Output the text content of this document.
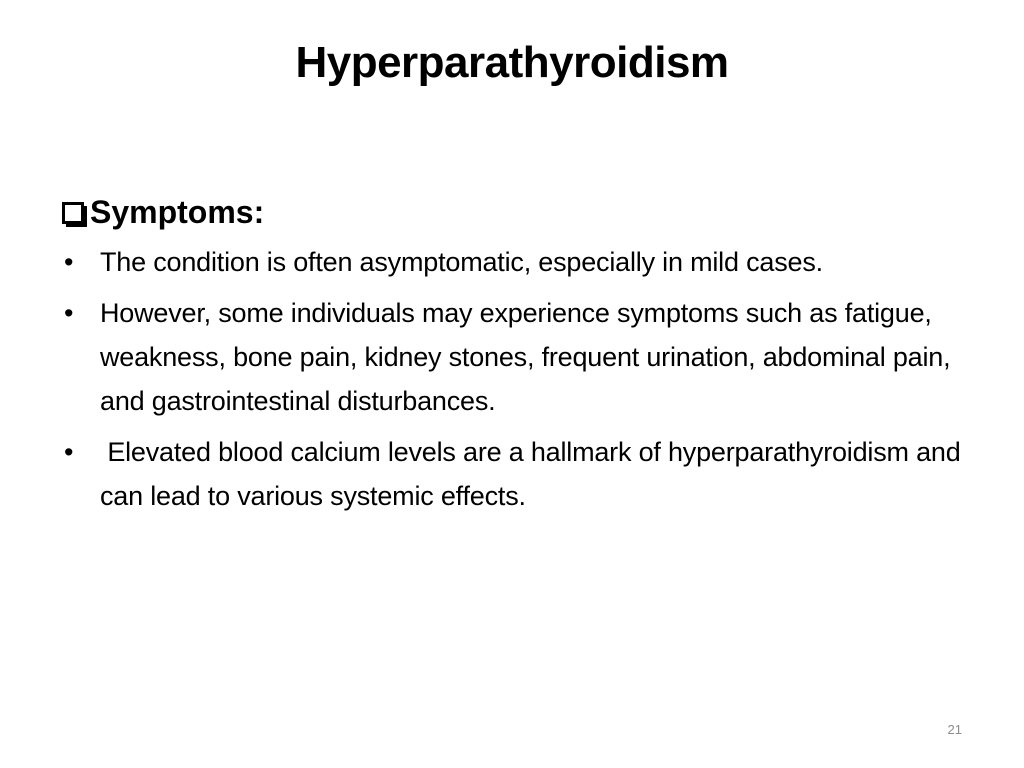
Hyperparathyroidism
Symptoms:
• The condition is often asymptomatic, especially in mild cases.
• However, some individuals may experience symptoms such as fatigue, weakness, bone pain, kidney stones, frequent urination, abdominal pain, and gastrointestinal disturbances.
• Elevated blood calcium levels are a hallmark of hyperparathyroidism and can lead to various systemic effects.
21
